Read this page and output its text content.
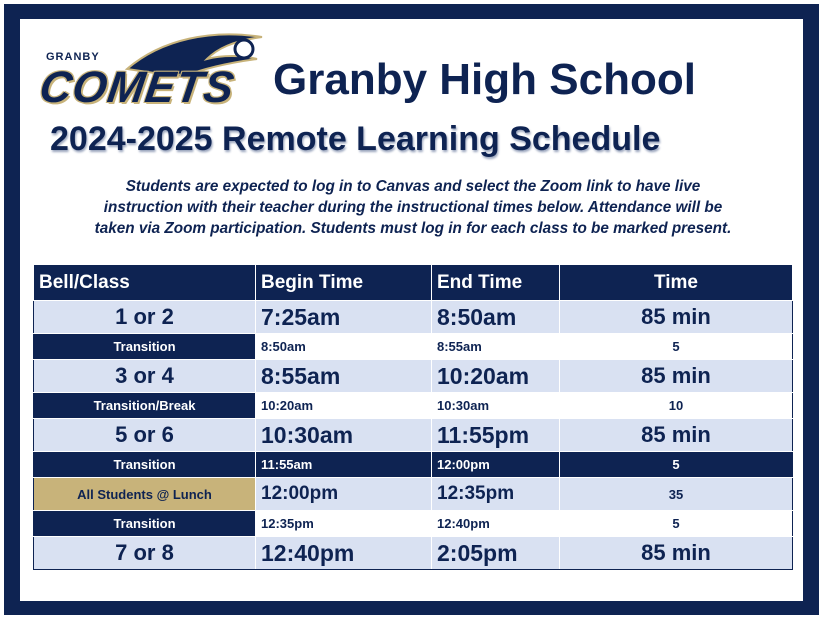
GRANBY
COMETS Granby High School
2024-2025 Remote Learning Schedule
Students are expected to log in to Canvas and select the Zoom link to have live
instruction with their teacher during the instructional times below. Attendance will be
taken via Zoom participation. Students must log in for each class to be marked present.
Bell/Class	Begin Time	End Time	Time
1 or 2	7:25am	8:50am	85 min
Transition	8:50am	8:55am	5
3 or 4	8:55am	10:20am	85 min
Transition/Break	10:20am	10:30am	10
5 or 6	10:30am	11:55pm	85 min
Transition	11:55am	12:00pm	5
All Students @ Lunch	12:00pm	12:35pm	35
Transition	12:35pm	12:40pm	5
7 or 8	12:40pm	2:05pm	85 min
